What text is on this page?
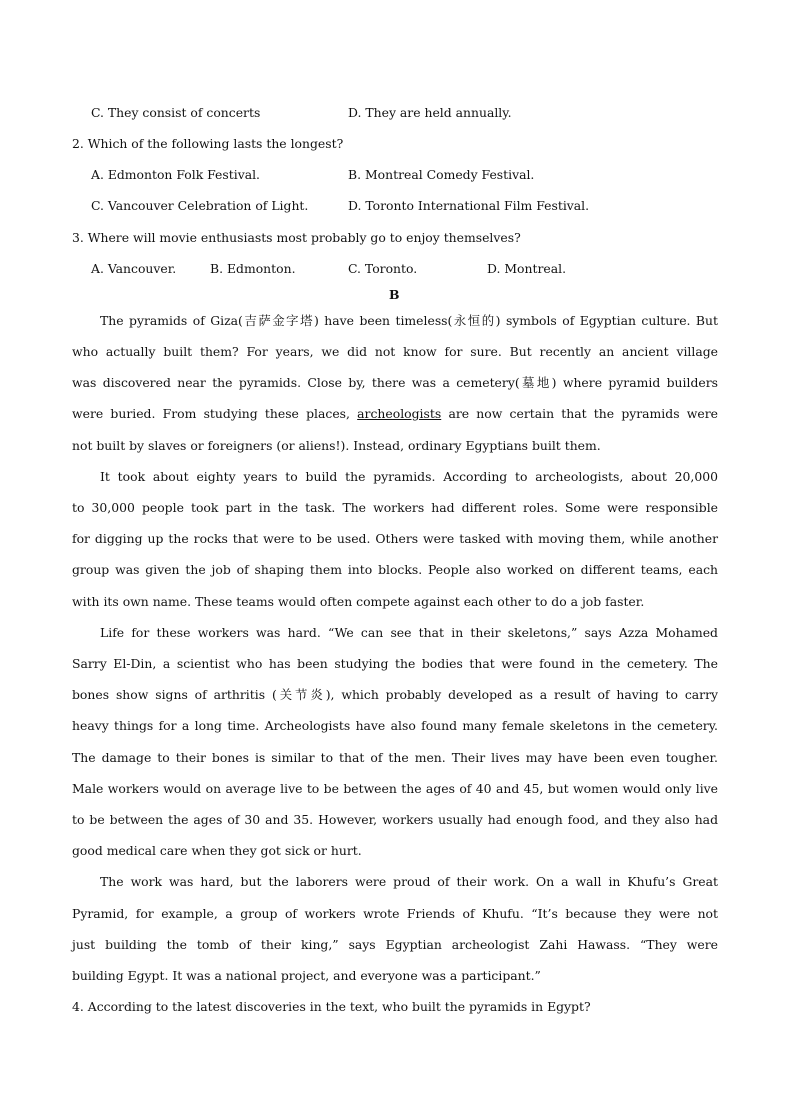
C. They consist of concerts	D. They are held annually.
2. Which of the following lasts the longest?
A. Edmonton Folk Festival.	B. Montreal Comedy Festival.
C. Vancouver Celebration of Light.	D. Toronto International Film Festival.
3. Where will movie enthusiasts most probably go to enjoy themselves?
A. Vancouver.	B. Edmonton.	C. Toronto.	D. Montreal.
B
The pyramids of Giza(吉萨金字塔) have been timeless(永恒的) symbols of Egyptian culture. But
who actually built them? For years, we did not know for sure. But recently an ancient village
was discovered near the pyramids. Close by, there was a cemetery(墓地) where pyramid builders
were buried. From studying these places, archeologists are now certain that the pyramids were
not built by slaves or foreigners (or aliens!). Instead, ordinary Egyptians built them.
It took about eighty years to build the pyramids. According to archeologists, about 20,000
to 30,000 people took part in the task. The workers had different roles. Some were responsible
for digging up the rocks that were to be used. Others were tasked with moving them, while another
group was given the job of shaping them into blocks. People also worked on different teams, each
with its own name. These teams would often compete against each other to do a job faster.
Life for these workers was hard. “We can see that in their skeletons,” says Azza Mohamed
Sarry El-Din, a scientist who has been studying the bodies that were found in the cemetery. The
bones show signs of arthritis (关节炎), which probably developed as a result of having to carry
heavy things for a long time. Archeologists have also found many female skeletons in the cemetery.
The damage to their bones is similar to that of the men. Their lives may have been even tougher.
Male workers would on average live to be between the ages of 40 and 45, but women would only live
to be between the ages of 30 and 35. However, workers usually had enough food, and they also had
good medical care when they got sick or hurt.
The work was hard, but the laborers were proud of their work. On a wall in Khufu’s Great
Pyramid, for example, a group of workers wrote Friends of Khufu. “It’s because they were not
just building the tomb of their king,” says Egyptian archeologist Zahi Hawass. “They were
building Egypt. It was a national project, and everyone was a participant.”
4. According to the latest discoveries in the text, who built the pyramids in Egypt?
